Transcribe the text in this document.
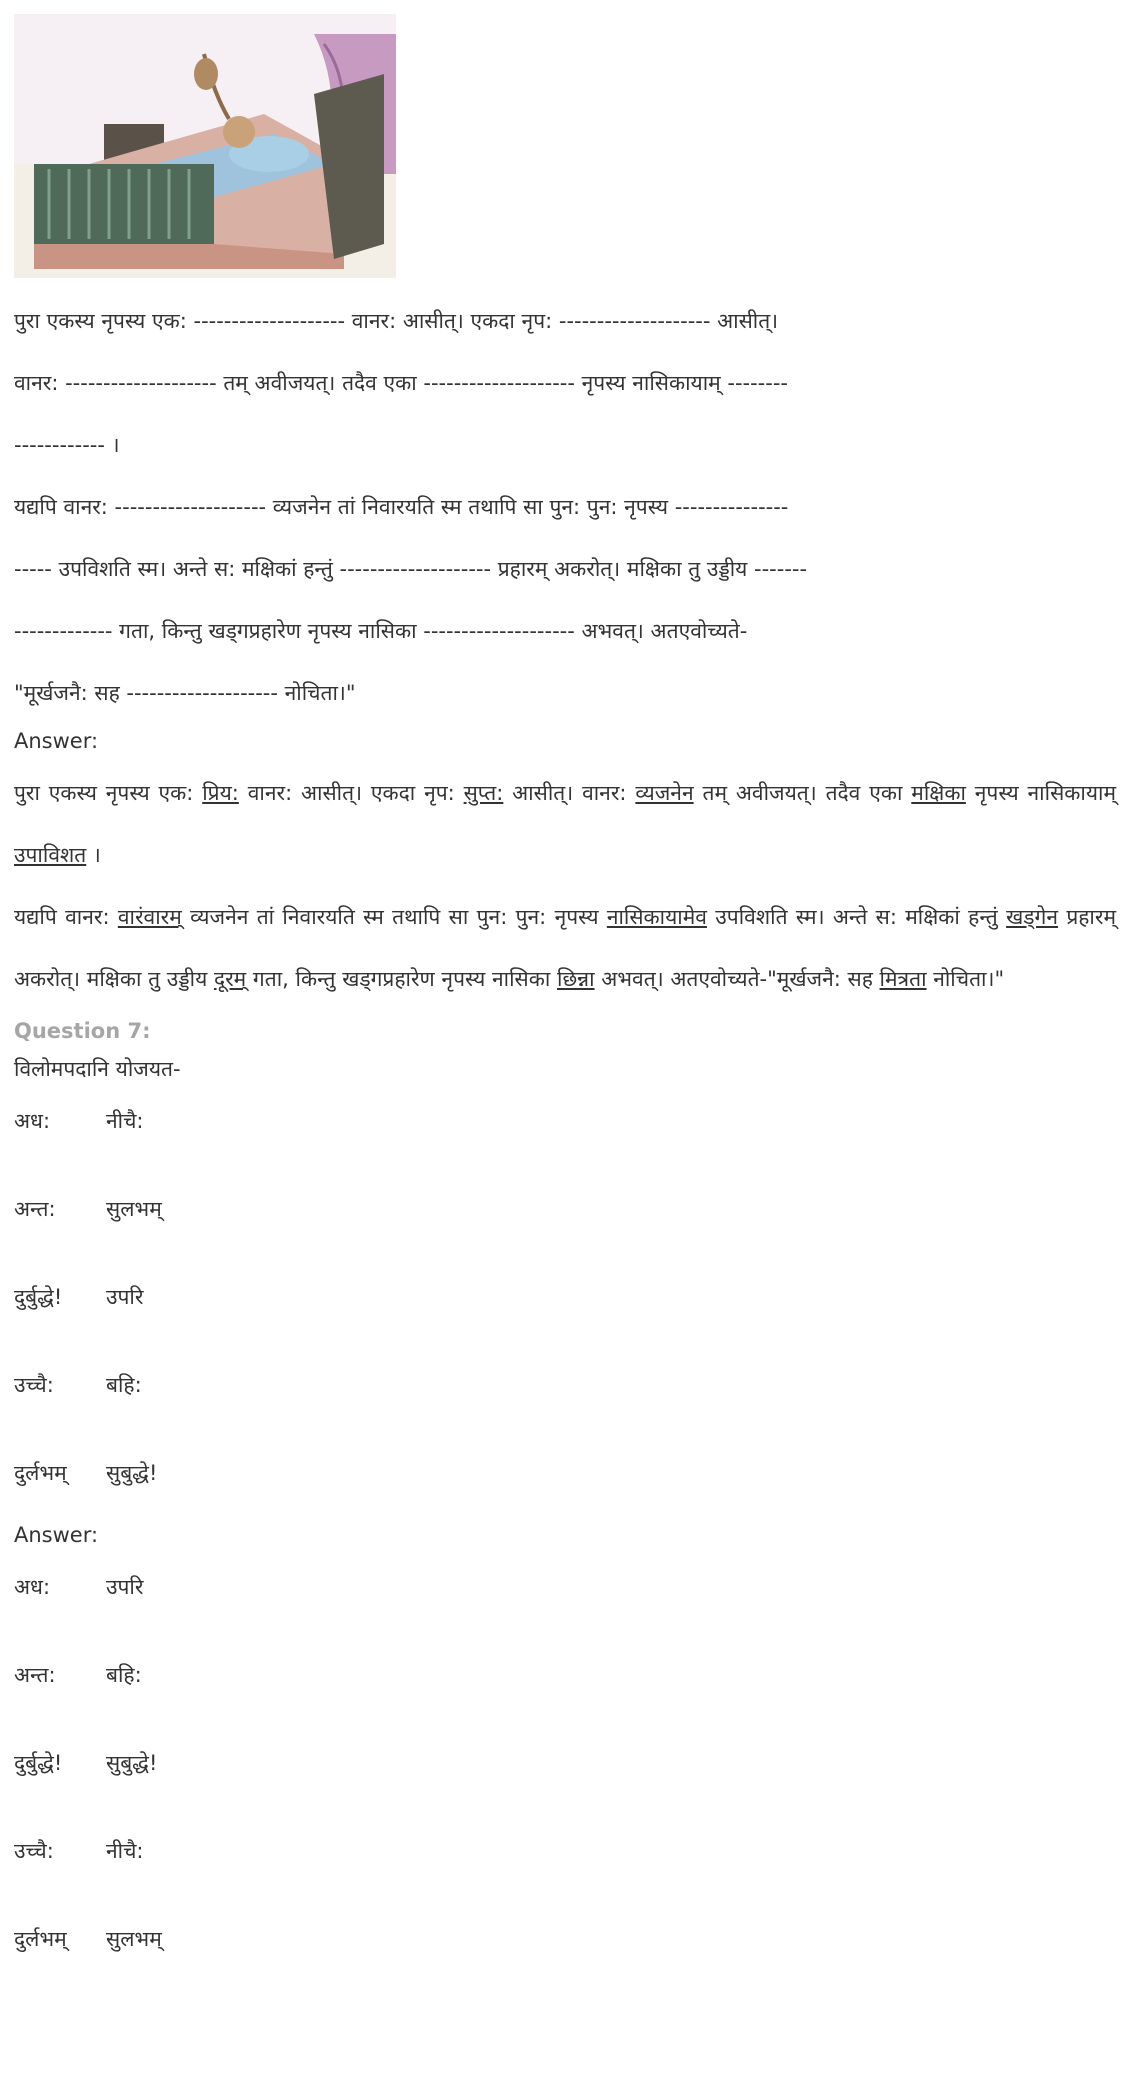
पुरा एकस्य नृपस्य एक: -------------------- वानर: आसीत्। एकदा नृप: -------------------- आसीत्।
वानर: -------------------- तम् अवीजयत्। तदैव एका -------------------- नृपस्य नासिकायाम् --------
------------ ।
यद्यपि वानर: -------------------- व्यजनेन तां निवारयति स्म तथापि सा पुन: पुन: नृपस्य ---------------
----- उपविशति स्म। अन्ते स: मक्षिकां हन्तुं -------------------- प्रहारम् अकरोत्। मक्षिका तु उड्डीय -------
------------- गता, किन्तु खड्गप्रहारेण नृपस्य नासिका -------------------- अभवत्। अतएवोच्यते-
"मूर्खजनै: सह -------------------- नोचिता।"

Answer:

पुरा एकस्य नृपस्य एक: प्रिय: वानर: आसीत्। एकदा नृप: सुप्त: आसीत्। वानर: व्यजनेन तम् अवीजयत्। तदैव एका मक्षिका नृपस्य नासिकायाम् उपाविशत ।

यद्यपि वानर: वारंवारम् व्यजनेन तां निवारयति स्म तथापि सा पुन: पुन: नृपस्य नासिकायामेव उपविशति स्म। अन्ते स: मक्षिकां हन्तुं खड्गेन प्रहारम् अकरोत्। मक्षिका तु उड्डीय दूरम् गता, किन्तु खड्गप्रहारेण नृपस्य नासिका छिन्ना अभवत्। अतएवोच्यते-"मूर्खजनै: सह मित्रता नोचिता।"

Question 7:
विलोमपदानि योजयत-
अध:	नीचै:
अन्त: सुलभम्
दुर्बुद्धे! उपरि
उच्चै: बहि:
दुर्लभम् सुबुद्धे!
Answer:
अध:	उपरि
अन्त: बहि:
दुर्बुद्धे! सुबुद्धे!
उच्चै: नीचै:
दुर्लभम् सुलभम्
